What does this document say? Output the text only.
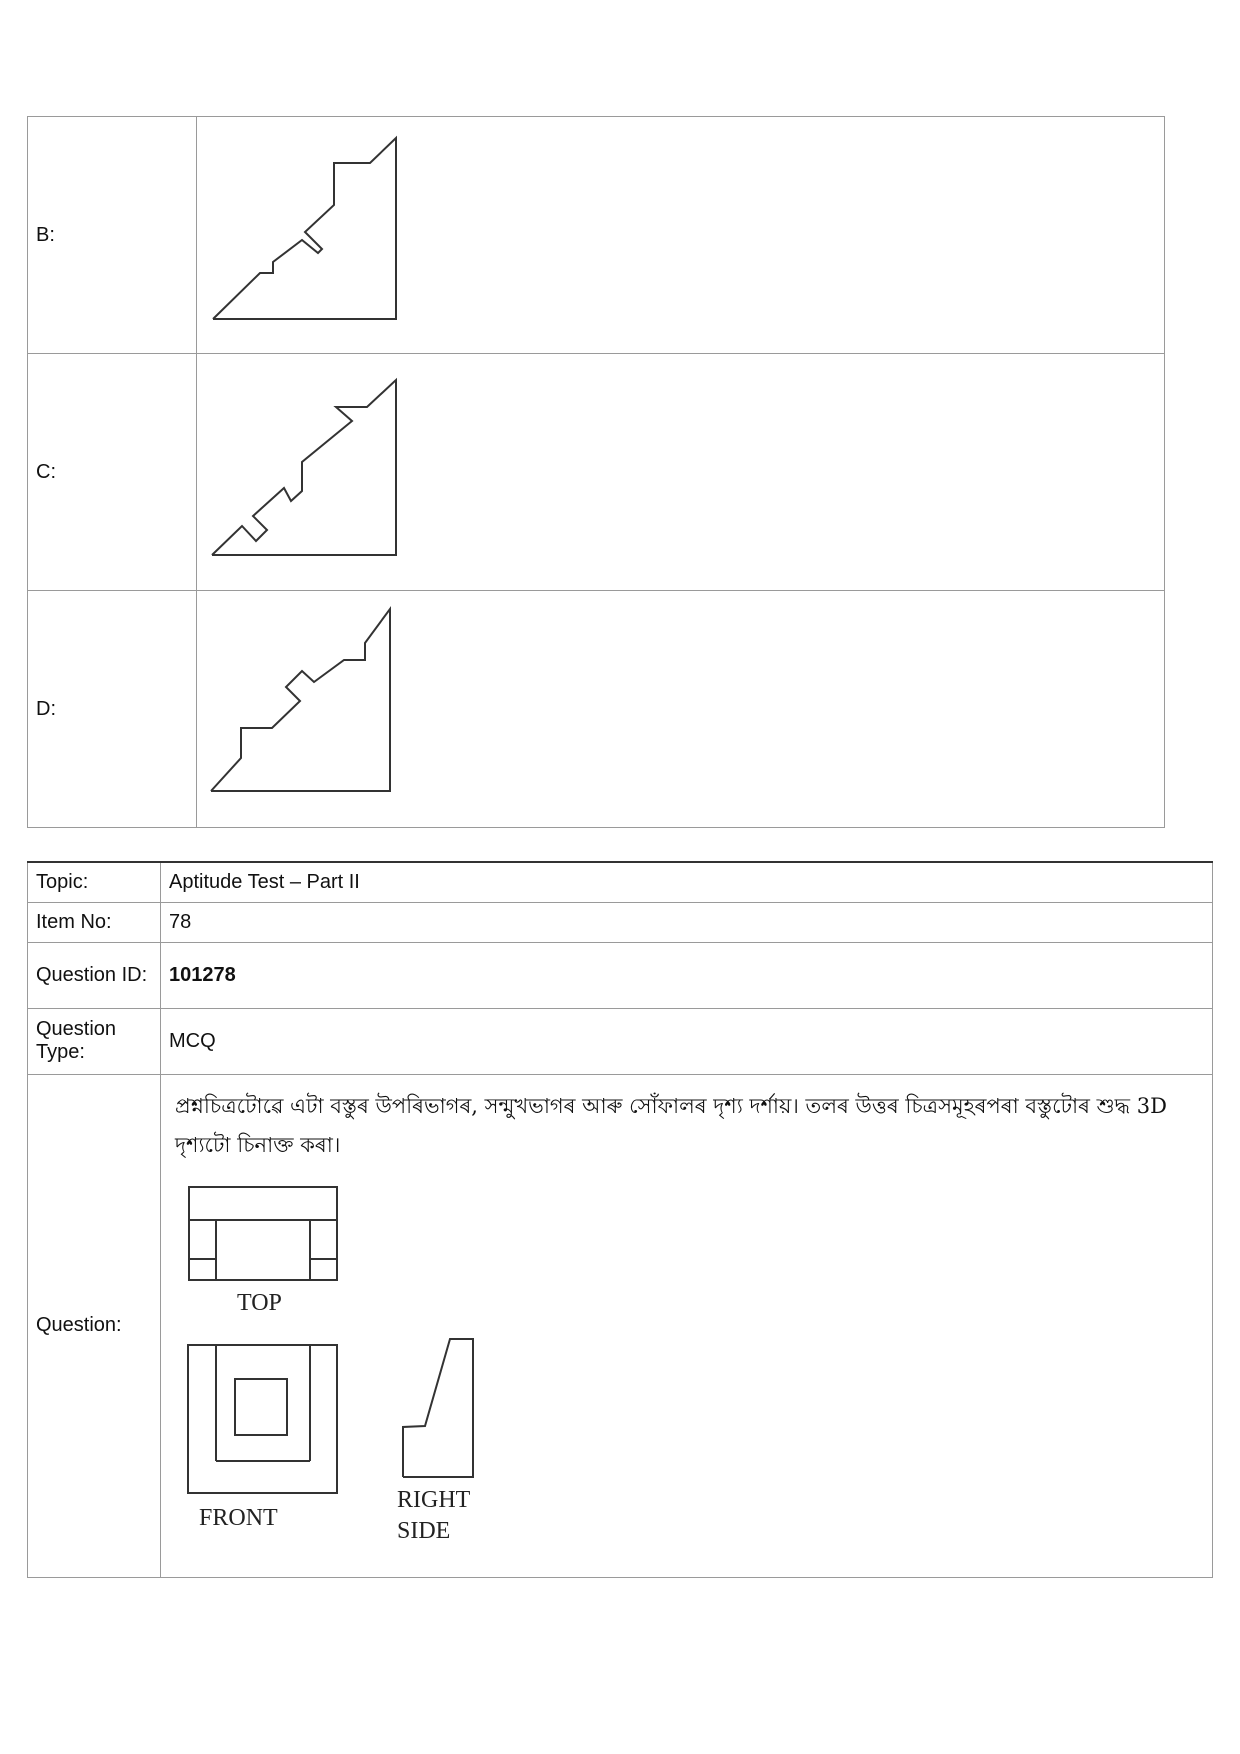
B:	
C:	
D:	
Topic:	Aptitude Test – Part II
Item No:	78
Question ID:	101278
Question Type:	MCQ
Question:	প্ৰশ্নচিত্ৰটোৱে এটা বস্তুৰ উপৰিভাগৰ, সন্মুখভাগৰ আৰু সোঁফালৰ দৃশ্য দৰ্শায়। তলৰ উত্তৰ চিত্ৰসমূহৰপৰা বস্তুটোৰ শুদ্ধ 3D দৃশ্যটো চিনাক্ত কৰা।
TOP
FRONT
RIGHT
SIDE
